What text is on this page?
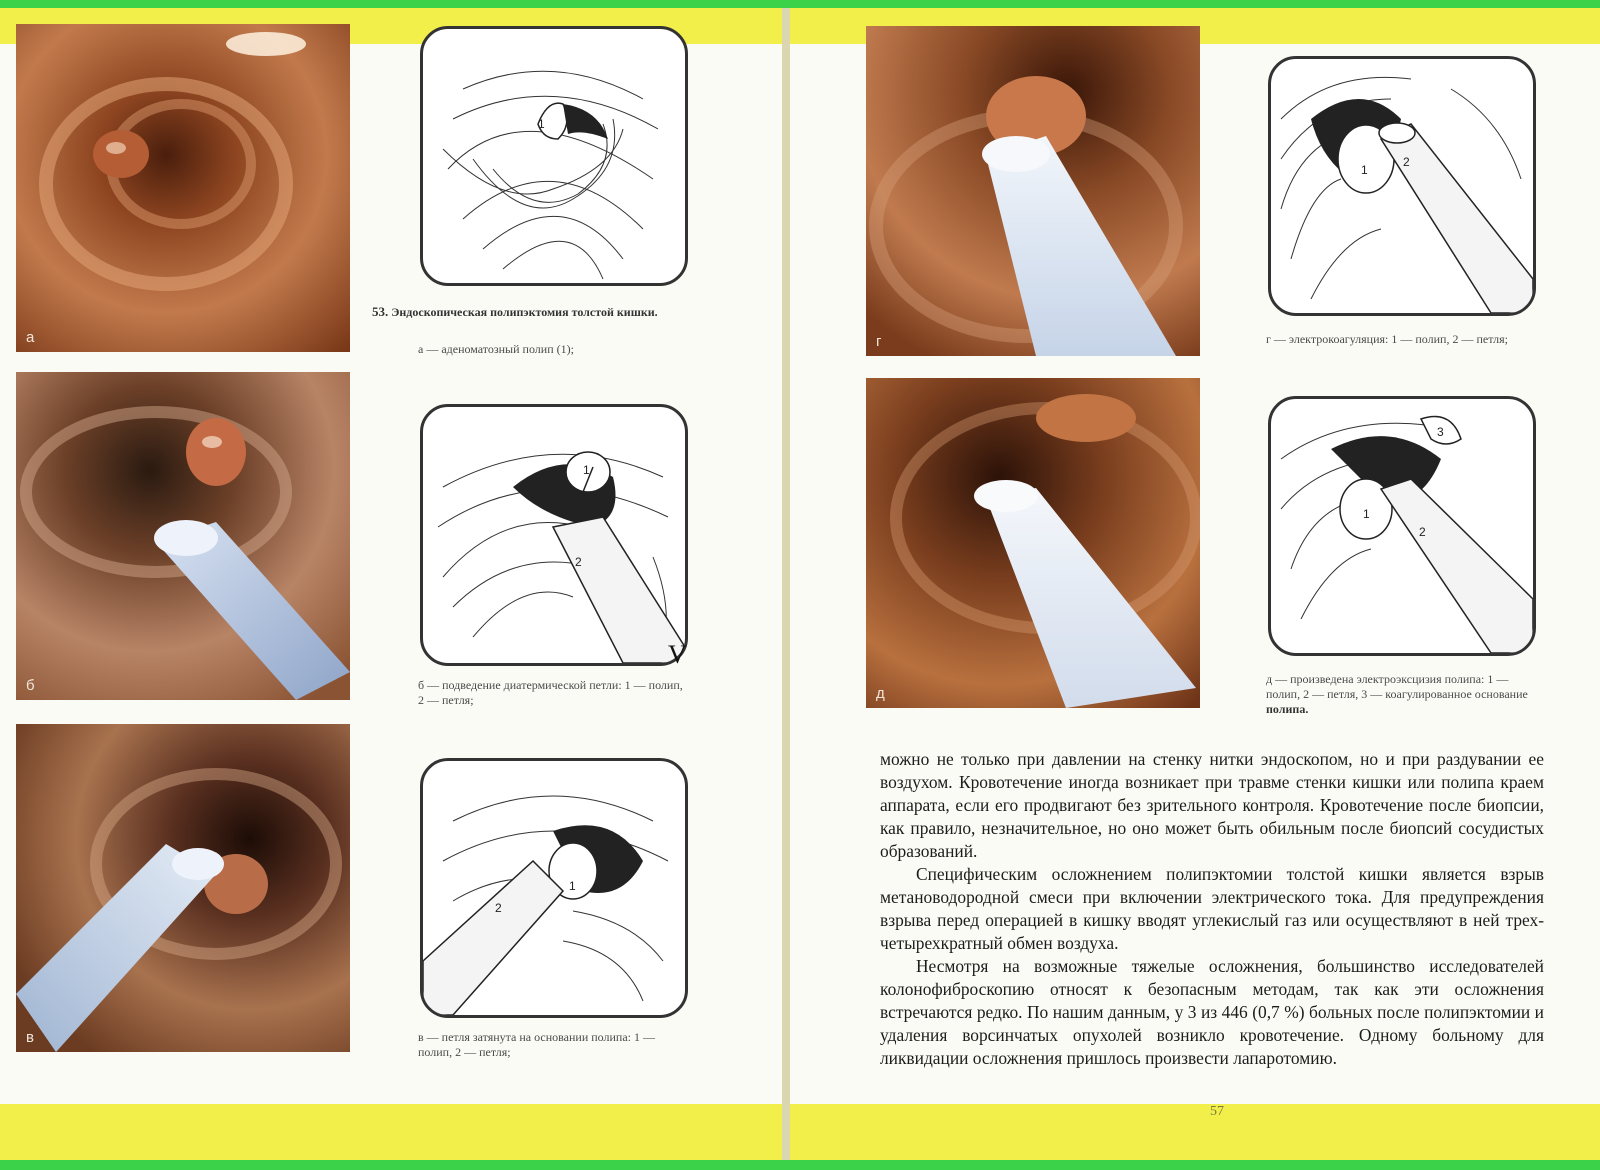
а
1
53. Эндоскопическая полипэктомия толстой кишки.
а — аденоматозный полип (1);
б
1
2
V
б — подведение диатермической петли: 1 — полип, 2 — петля;
в
1
2
в — петля затянута на основании полипа: 1 — полип, 2 — петля;
г
1
2
г — электрокоагуляция: 1 — полип, 2 — петля;
д
1
2
3
д — произведена электроэксцизия полипа: 1 — полип, 2 — петля, 3 — коагулированное основание полипа.

можно не только при давлении на стенку нитки эндоскопом, но и при раздувании ее воздухом. Кровотечение иногда возникает при травме стенки кишки или полипа краем аппарата, если его продвигают без зрительного контроля. Кровотечение после биопсии, как правило, незначительное, но оно может быть обильным после биопсий сосудистых образований.

Специфическим осложнением полипэктомии толстой кишки является взрыв метановодородной смеси при включении электрического тока. Для предупреждения взрыва перед операцией в кишку вводят углекислый газ или осуществляют в ней трех-четырехкратный обмен воздуха.

Несмотря на возможные тяжелые осложнения, большинство исследователей колонофиброскопию относят к безопасным методам, так как эти осложнения встречаются редко. По нашим данным, у 3 из 446 (0,7 %) больных после полипэктомии и удаления ворсинчатых опухолей возникло кровотечение. Одному больному для ликвидации осложнения пришлось произвести лапаротомию.

57
